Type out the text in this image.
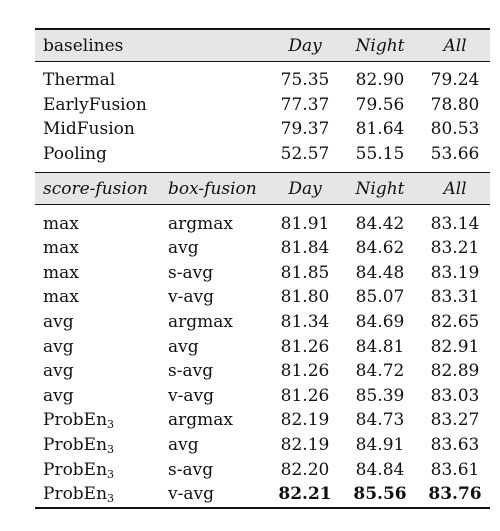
baselines		Day	Night	All

Thermal		75.35	82.90	79.24
EarlyFusion		77.37	79.56	78.80
MidFusion		79.37	81.64	80.53
Pooling		52.57	55.15	53.66

score-fusion	box-fusion	Day	Night	All

max	argmax	81.91	84.42	83.14
max	avg	81.84	84.62	83.21
max	s-avg	81.85	84.48	83.19
max	v-avg	81.80	85.07	83.31
avg	argmax	81.34	84.69	82.65
avg	avg	81.26	84.81	82.91
avg	s-avg	81.26	84.72	82.89
avg	v-avg	81.26	85.39	83.03
ProbEn$_3$	argmax	82.19	84.73	83.27
ProbEn$_3$	avg	82.19	84.91	83.63
ProbEn$_3$	s-avg	82.20	84.84	83.61
ProbEn$_3$	v-avg	82.21	85.56	83.76
